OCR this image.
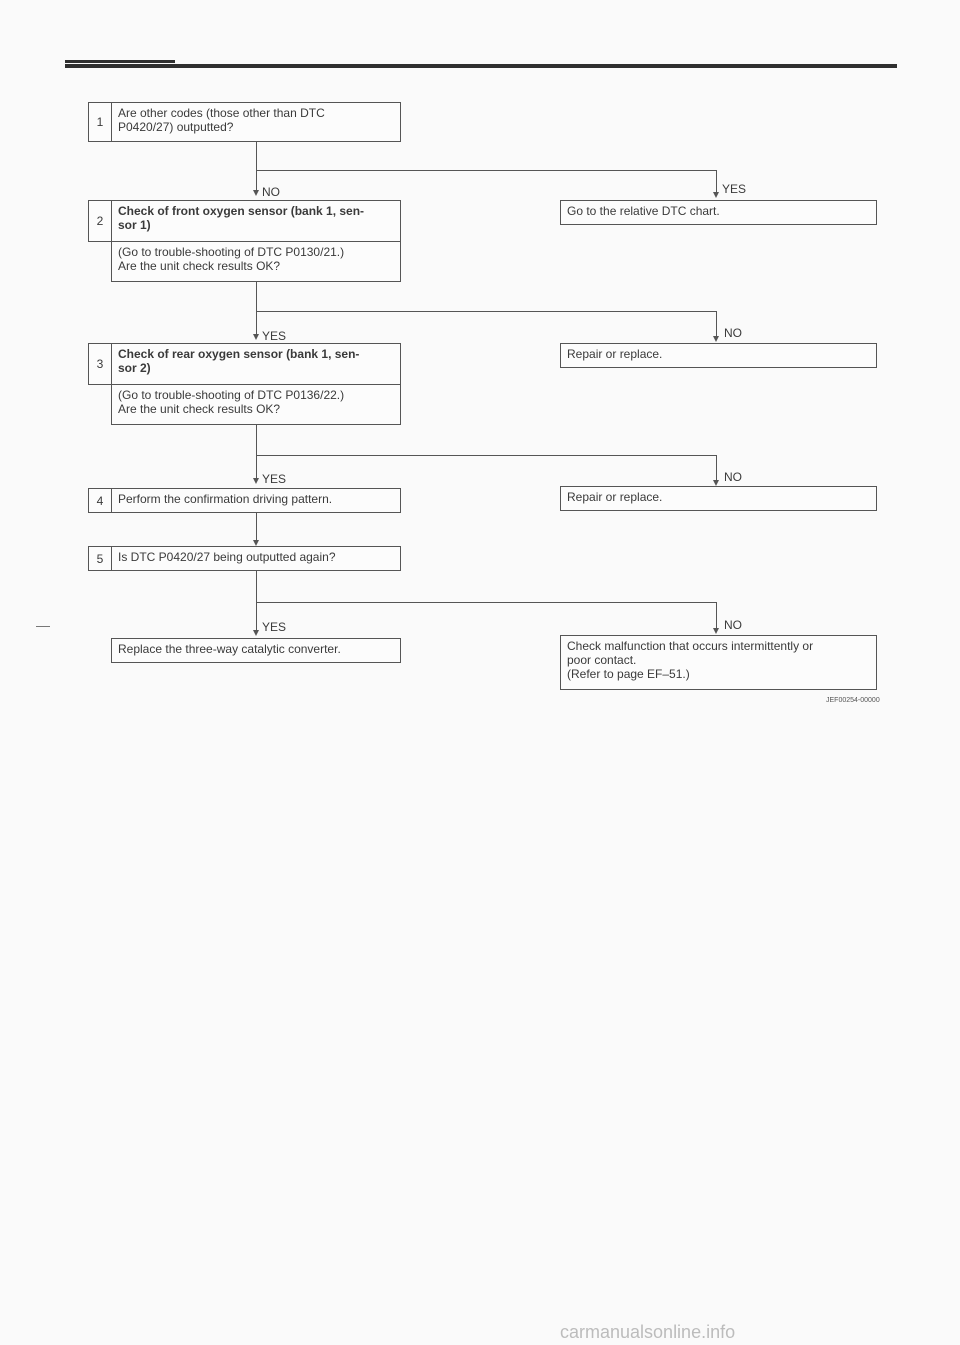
1
Are other codes (those other than DTC
P0420/27) outputted?
NO	YES
Go to the relative DTC chart.
2
Check of front oxygen sensor (bank 1, sen-
sor 1)
(Go to trouble-shooting of DTC P0130/21.)
Are the unit check results OK?
YES	NO
Repair or replace.
3
Check of rear oxygen sensor (bank 1, sen-
sor 2)
(Go to trouble-shooting of DTC P0136/22.)
Are the unit check results OK?
YES	NO
Repair or replace.
4	Perform the confirmation driving pattern.
5	Is DTC P0420/27 being outputted again?
YES	NO
Replace the three-way catalytic converter.	Check malfunction that occurs intermittently or
poor contact.
(Refer to page EF–51.)
JEF00254-00000
carmanualsonline.info
